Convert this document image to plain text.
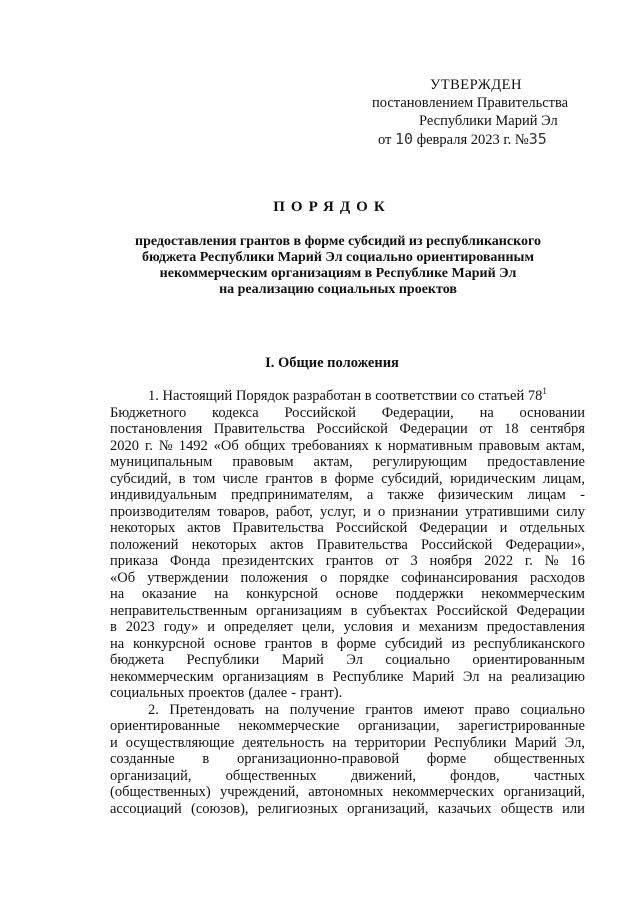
УТВЕРЖДЕН
постановлением Правительства
Республики Марий Эл
от 10 февраля 2023 г. №35
ПОРЯДОК
предоставления грантов в форме субсидий из республиканского
бюджета Республики Марий Эл социально ориентированным
некоммерческим организациям в Республике Марий Эл
на реализацию социальных проектов
I. Общие положения
1. Настоящий Порядок разработан в соответствии со статьей $78^1$
Бюджетного кодекса Российской Федерации, на основании
постановления Правительства Российской Федерации от 18 сентября
2020 г. № 1492 «Об общих требованиях к нормативным правовым актам,
муниципальным правовым актам, регулирующим предоставление
субсидий, в том числе грантов в форме субсидий, юридическим лицам,
индивидуальным предпринимателям, а также физическим лицам -
производителям товаров, работ, услуг, и о признании утратившими силу
некоторых актов Правительства Российской Федерации и отдельных
положений некоторых актов Правительства Российской Федерации»,
приказа Фонда президентских грантов от 3 ноября 2022 г. № 16
«Об утверждении положения о порядке софинансирования расходов
на оказание на конкурсной основе поддержки некоммерческим
неправительственным организациям в субъектах Российской Федерации
в 2023 году» и определяет цели, условия и механизм предоставления
на конкурсной основе грантов в форме субсидий из республиканского
бюджета Республики Марий Эл социально ориентированным
некоммерческим организациям в Республике Марий Эл на реализацию
социальных проектов (далее - грант).
2. Претендовать на получение грантов имеют право социально
ориентированные некоммерческие организации, зарегистрированные
и осуществляющие деятельность на территории Республики Марий Эл,
созданные в организационно-правовой форме общественных
организаций, общественных движений, фондов, частных
(общественных) учреждений, автономных некоммерческих организаций,
ассоциаций (союзов), религиозных организаций, казачьих обществ или
